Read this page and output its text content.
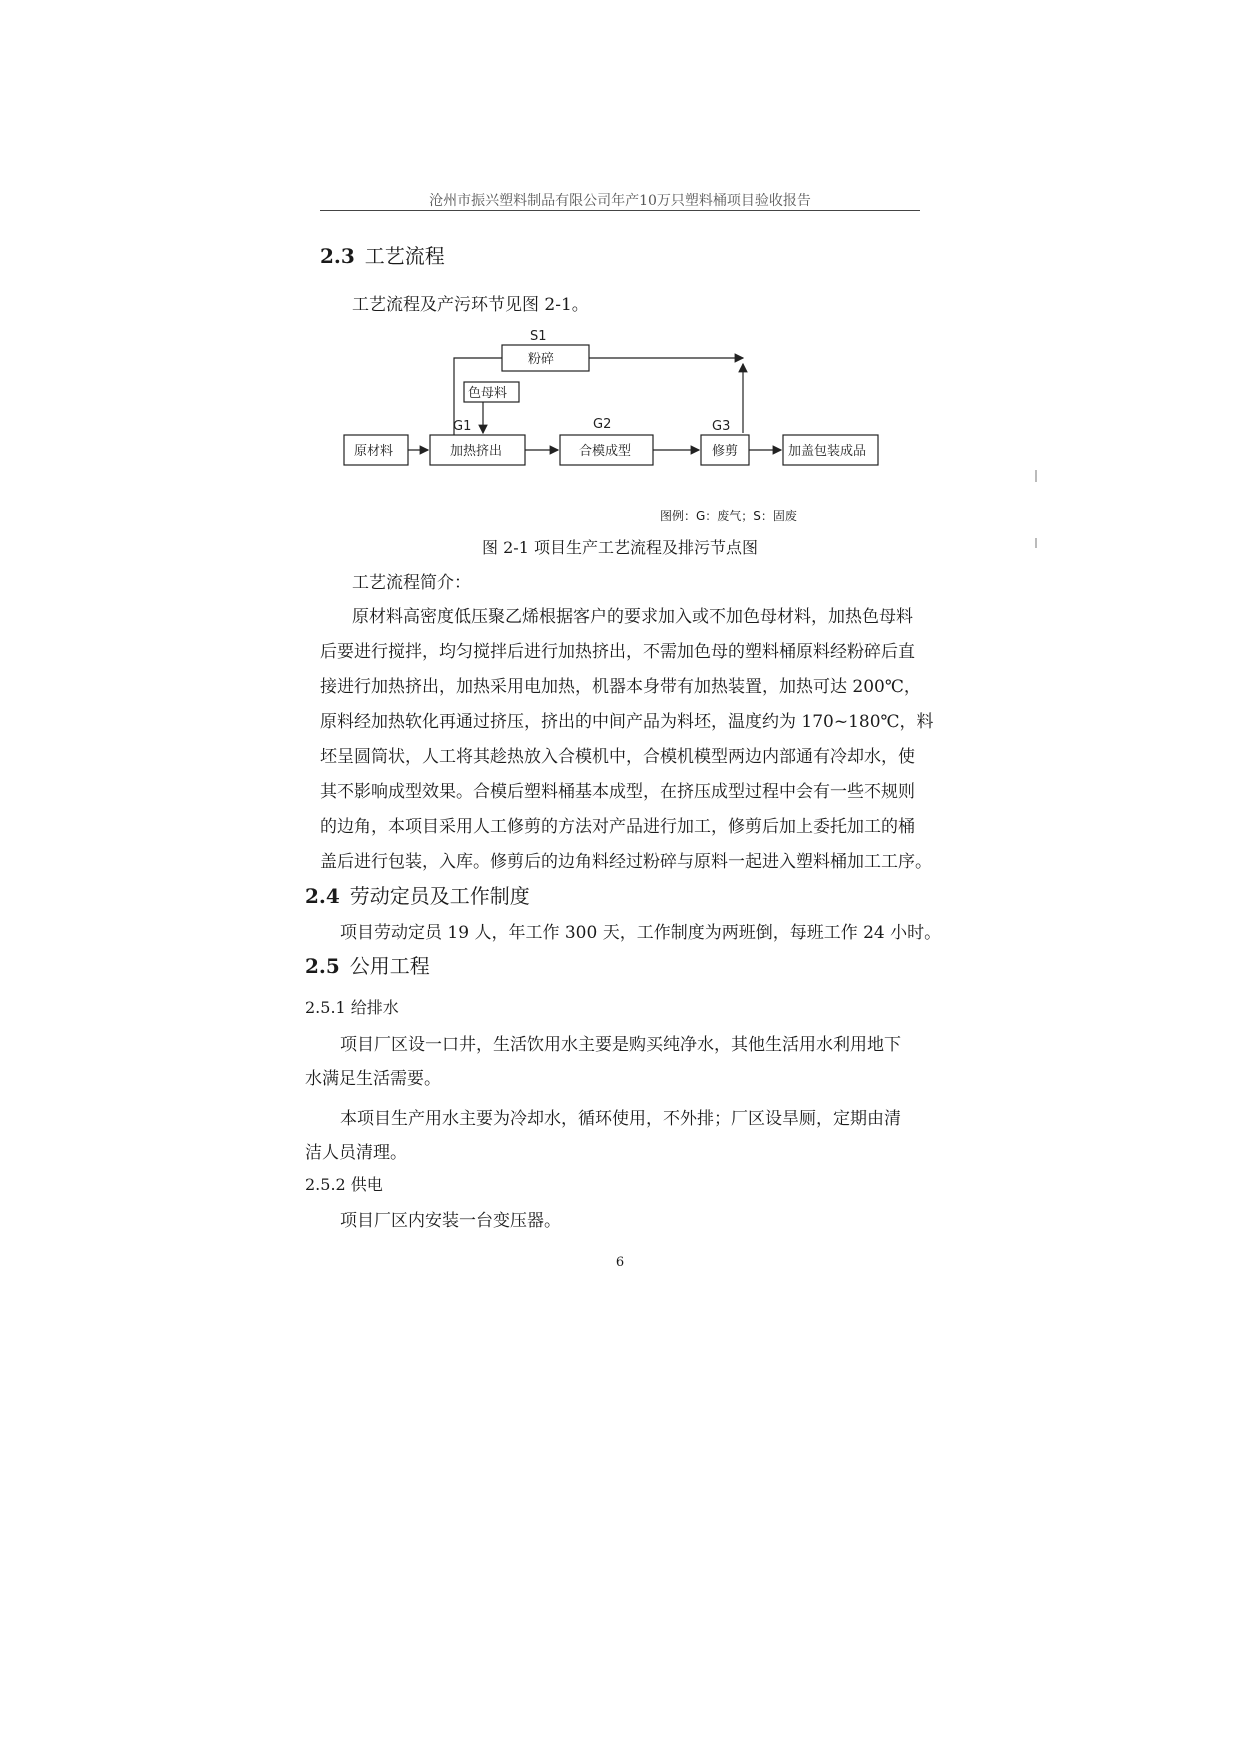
沧州市振兴塑料制品有限公司年产10万只塑料桶项目验收报告
2.3 工艺流程

工艺流程及产污环节见图 2-1。

S1
粉碎
色母料
原材料
G1
加热挤出
G2
合模成型
G3
修剪	加盖包装成品

图例：G：废气；S：固废

图 2-1 项目生产工艺流程及排污节点图

工艺流程简介：

原材料高密度低压聚乙烯根据客户的要求加入或不加色母材料，加热色母料

后要进行搅拌，均匀搅拌后进行加热挤出，不需加色母的塑料桶原料经粉碎后直

接进行加热挤出，加热采用电加热，机器本身带有加热装置，加热可达 200℃，

原料经加热软化再通过挤压，挤出的中间产品为料坯，温度约为 170~180℃，料

坯呈圆筒状，人工将其趁热放入合模机中，合模机模型两边内部通有冷却水，使

其不影响成型效果。合模后塑料桶基本成型，在挤压成型过程中会有一些不规则

的边角，本项目采用人工修剪的方法对产品进行加工，修剪后加上委托加工的桶

盖后进行包装，入库。修剪后的边角料经过粉碎与原料一起进入塑料桶加工工序。

2.4 劳动定员及工作制度

项目劳动定员 19 人，年工作 300 天，工作制度为两班倒，每班工作 24 小时。

2.5 公用工程

2.5.1 给排水

项目厂区设一口井，生活饮用水主要是购买纯净水，其他生活用水利用地下

水满足生活需要。

本项目生产用水主要为冷却水，循环使用，不外排；厂区设旱厕，定期由清

洁人员清理。

2.5.2 供电

项目厂区内安装一台变压器。

6
